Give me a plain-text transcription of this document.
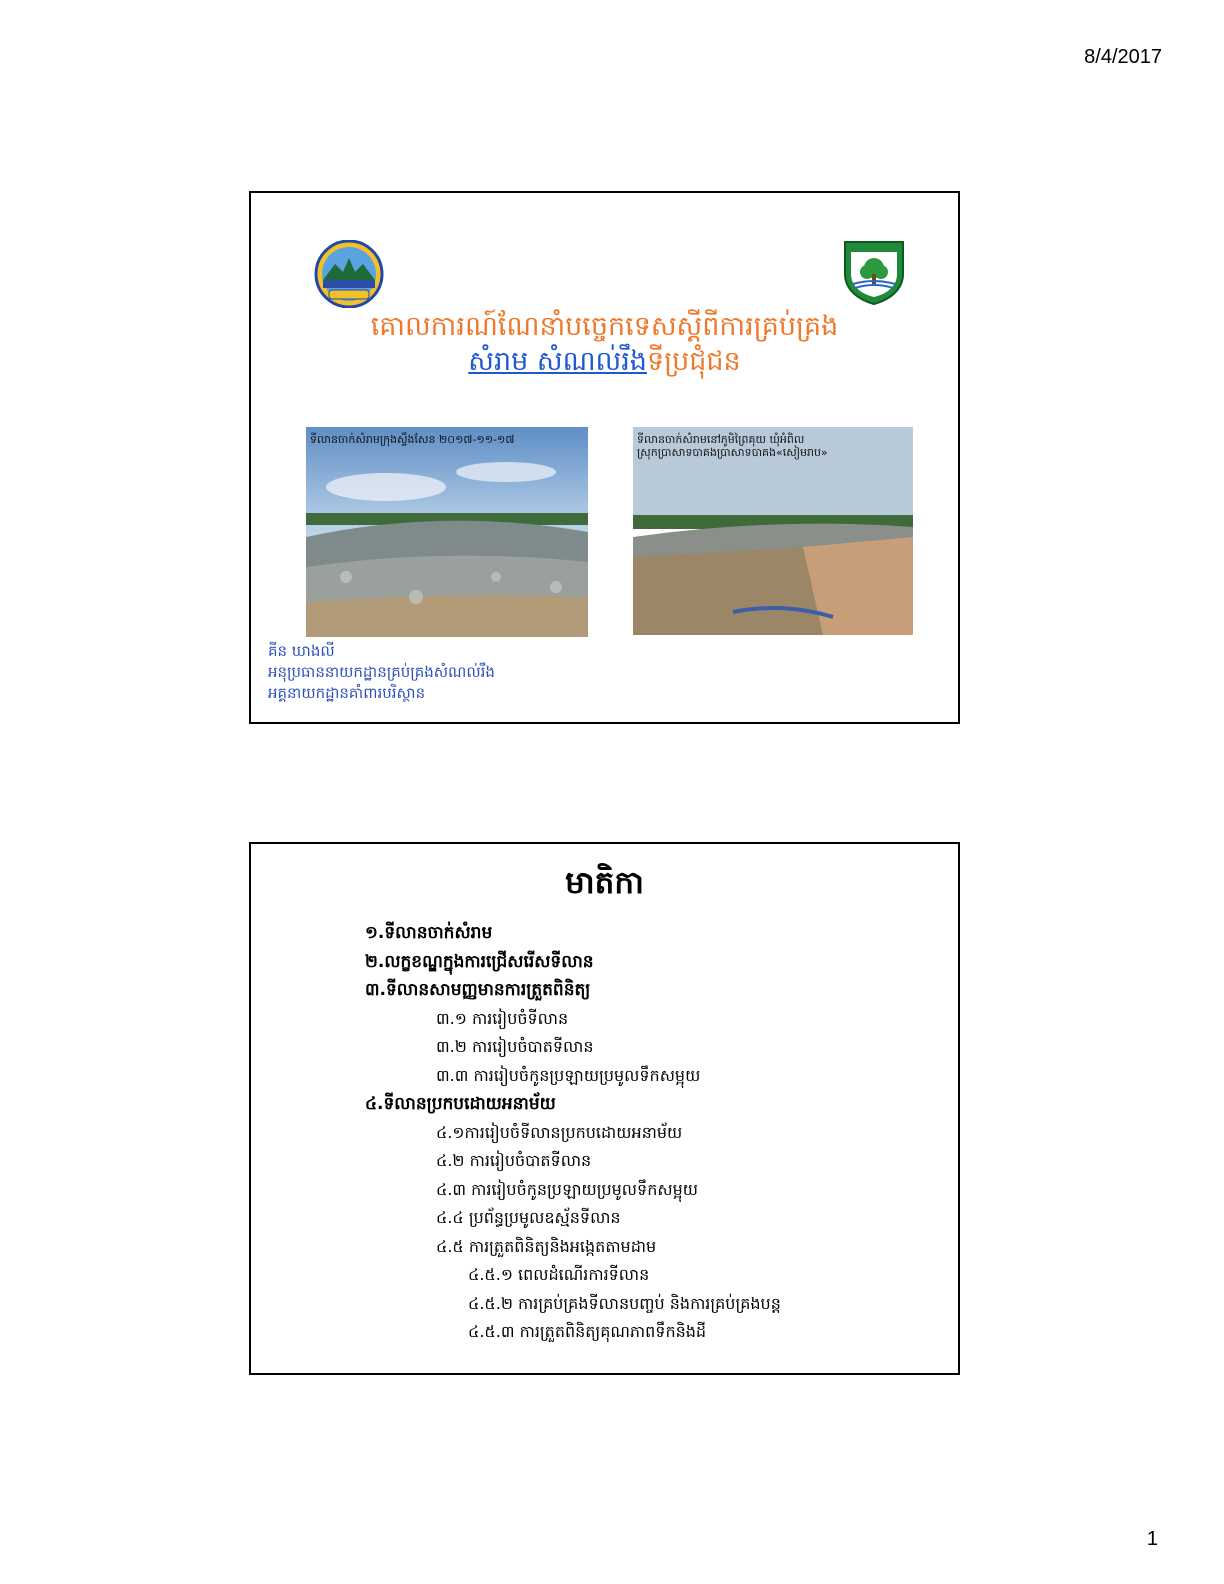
8/4/2017
គោលការណ៍ណែនាំបច្ចេកទេសស្តីពីការគ្រប់គ្រង
សំរាម សំណល់រឹងទីប្រជុំជន
ទីលានចាក់សំរាមក្រុងស្ទឹងសែន ២០១៧-១១-១៧	ទីលានចាក់សំរាមនៅភូមិព្រៃគុយ ឃុំអំពិល
ស្រុកប្រាសាទបាគងប្រាសាទបាគង«សៀមរាប»
គីន ឃាងលី
អនុប្រធាននាយកដ្ឋានគ្រប់គ្រងសំណល់រឹង
អគ្គនាយកដ្ឋានគាំពារបរិស្ថាន
មាតិកា
១.ទីលានចាក់សំរាម
២.លក្ខខណ្ឌក្នុងការជ្រើសរើសទីលាន
៣.ទីលានសាមញ្ញមានការត្រួតពិនិត្យ
៣.១ ការរៀបចំទីលាន
៣.២ ការរៀបចំបាតទីលាន
៣.៣ ការរៀបចំកូនប្រឡាយប្រមូលទឹកសម្អុយ
៤.ទីលានប្រកបដោយអនាម័យ
៤.១ការរៀបចំទីលានប្រកបដោយអនាម័យ
៤.២ ការរៀបចំបាតទីលាន
៤.៣ ការរៀបចំកូនប្រឡាយប្រមូលទឹកសម្អុយ
៤.៤ ប្រព័ន្ធប្រមូលឧស្ម័នទីលាន
៤.៥ ការត្រួតពិនិត្យនិងអង្កេតតាមដាម
៤.៥.១ ពេលដំណើរការទីលាន
៤.៥.២ ការគ្រប់គ្រងទីលានបញ្ចប់ និងការគ្រប់គ្រងបន្ត
៤.៥.៣ ការត្រួតពិនិត្យគុណភាពទឹកនិងដី
1
